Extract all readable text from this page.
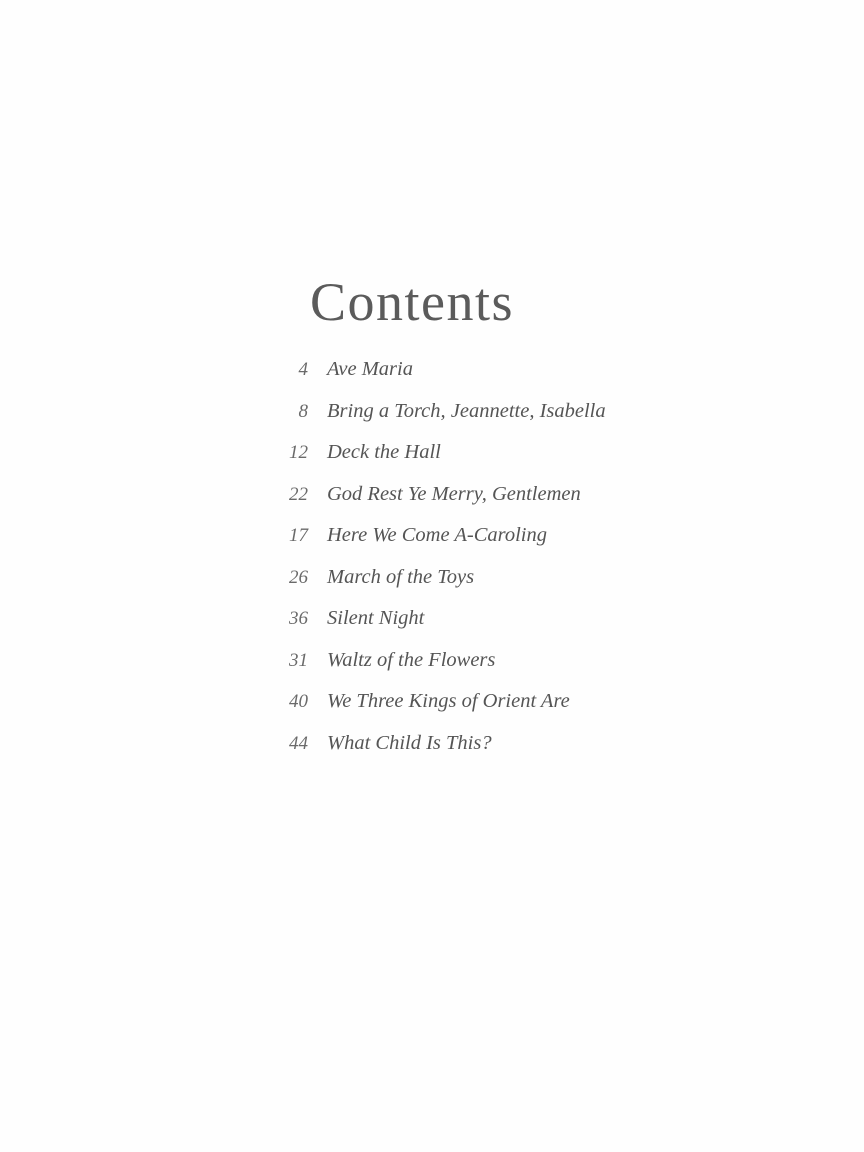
Contents
4 Ave Maria
8 Bring a Torch, Jeannette, Isabella
12 Deck the Hall
22 God Rest Ye Merry, Gentlemen
17 Here We Come A-Caroling
26 March of the Toys
36 Silent Night
31 Waltz of the Flowers
40 We Three Kings of Orient Are
44 What Child Is This?
